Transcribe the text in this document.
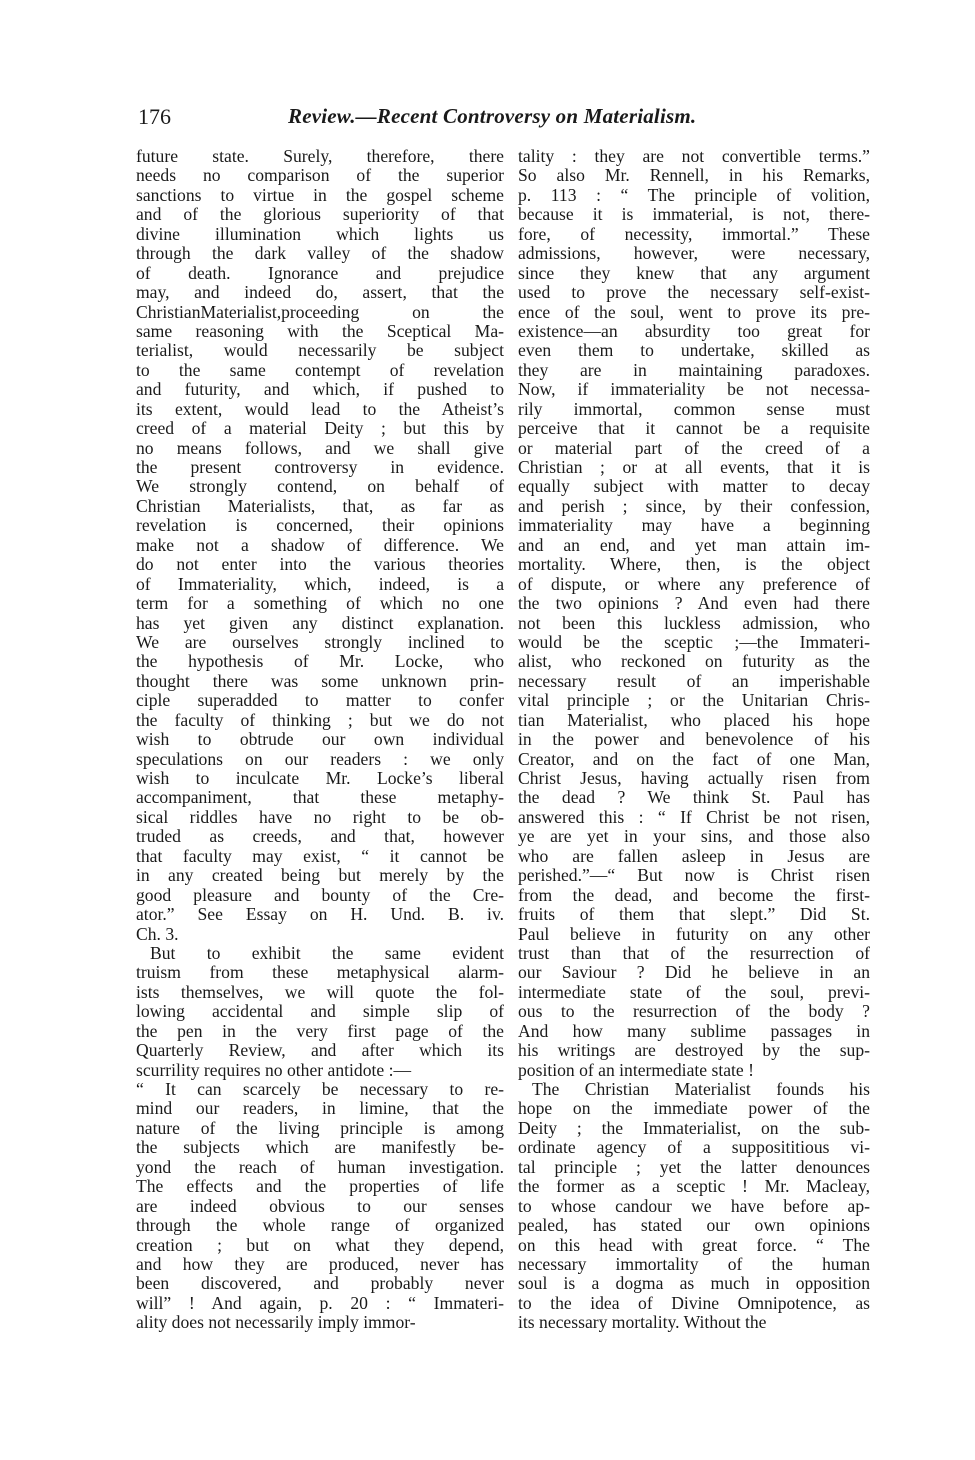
176	Review.—Recent Controversy on Materialism.
future state. Surely, therefore, there
needs no comparison of the superior
sanctions to virtue in the gospel scheme
and of the glorious superiority of that
divine illumination which lights us
through the dark valley of the shadow
of death. Ignorance and prejudice
may, and indeed do, assert, that the
ChristianMaterialist,proceeding on the
same reasoning with the Sceptical Ma-
terialist, would necessarily be subject
to the same contempt of revelation
and futurity, and which, if pushed to
its extent, would lead to the Atheist’s
creed of a material Deity ; but this by
no means follows, and we shall give
the present controversy in evidence.
We strongly contend, on behalf of
Christian Materialists, that, as far as
revelation is concerned, their opinions
make not a shadow of difference. We
do not enter into the various theories
of Immateriality, which, indeed, is a
term for a something of which no one
has yet given any distinct explanation.
We are ourselves strongly inclined to
the hypothesis of Mr. Locke, who
thought there was some unknown prin-
ciple superadded to matter to confer
the faculty of thinking ; but we do not
wish to obtrude our own individual
speculations on our readers : we only
wish to inculcate Mr. Locke’s liberal
accompaniment, that these metaphy-
sical riddles have no right to be ob-
truded as creeds, and that, however
that faculty may exist, “ it cannot be
in any created being but merely by the
good pleasure and bounty of the Cre-
ator.” See Essay on H. Und. B. iv.
Ch. 3.
But to exhibit the same evident
truism from these metaphysical alarm-
ists themselves, we will quote the fol-
lowing accidental and simple slip of
the pen in the very first page of the
Quarterly Review, and after which its
scurrility requires no other antidote :—
“ It can scarcely be necessary to re-
mind our readers, in limine, that the
nature of the living principle is among
the subjects which are manifestly be-
yond the reach of human investigation.
The effects and the properties of life
are indeed obvious to our senses
through the whole range of organized
creation ; but on what they depend,
and how they are produced, never has
been discovered, and probably never
will” ! And again, p. 20 : “ Immateri-
ality does not necessarily imply immor-
tality : they are not convertible terms.”
So also Mr. Rennell, in his Remarks,
p. 113 : “ The principle of volition,
because it is immaterial, is not, there-
fore, of necessity, immortal.” These
admissions, however, were necessary,
since they knew that any argument
used to prove the necessary self-exist-
ence of the soul, went to prove its pre-
existence—an absurdity too great for
even them to undertake, skilled as
they are in maintaining paradoxes.
Now, if immateriality be not necessa-
rily immortal, common sense must
perceive that it cannot be a requisite
or material part of the creed of a
Christian ; or at all events, that it is
equally subject with matter to decay
and perish ; since, by their confession,
immateriality may have a beginning
and an end, and yet man attain im-
mortality. Where, then, is the object
of dispute, or where any preference of
the two opinions ? And even had there
not been this luckless admission, who
would be the sceptic ;—the Immateri-
alist, who reckoned on futurity as the
necessary result of an imperishable
vital principle ; or the Unitarian Chris-
tian Materialist, who placed his hope
in the power and benevolence of his
Creator, and on the fact of one Man,
Christ Jesus, having actually risen from
the dead ? We think St. Paul has
answered this : “ If Christ be not risen,
ye are yet in your sins, and those also
who are fallen asleep in Jesus are
perished.”—“ But now is Christ risen
from the dead, and become the first-
fruits of them that slept.” Did St.
Paul believe in futurity on any other
trust than that of the resurrection of
our Saviour ? Did he believe in an
intermediate state of the soul, previ-
ous to the resurrection of the body ?
And how many sublime passages in
his writings are destroyed by the sup-
position of an intermediate state !
The Christian Materialist founds his
hope on the immediate power of the
Deity ; the Immaterialist, on the sub-
ordinate agency of a supposititious vi-
tal principle ; yet the latter denounces
the former as a sceptic ! Mr. Macleay,
to whose candour we have before ap-
pealed, has stated our own opinions
on this head with great force. “ The
necessary immortality of the human
soul is a dogma as much in opposition
to the idea of Divine Omnipotence, as
its necessary mortality. Without the
